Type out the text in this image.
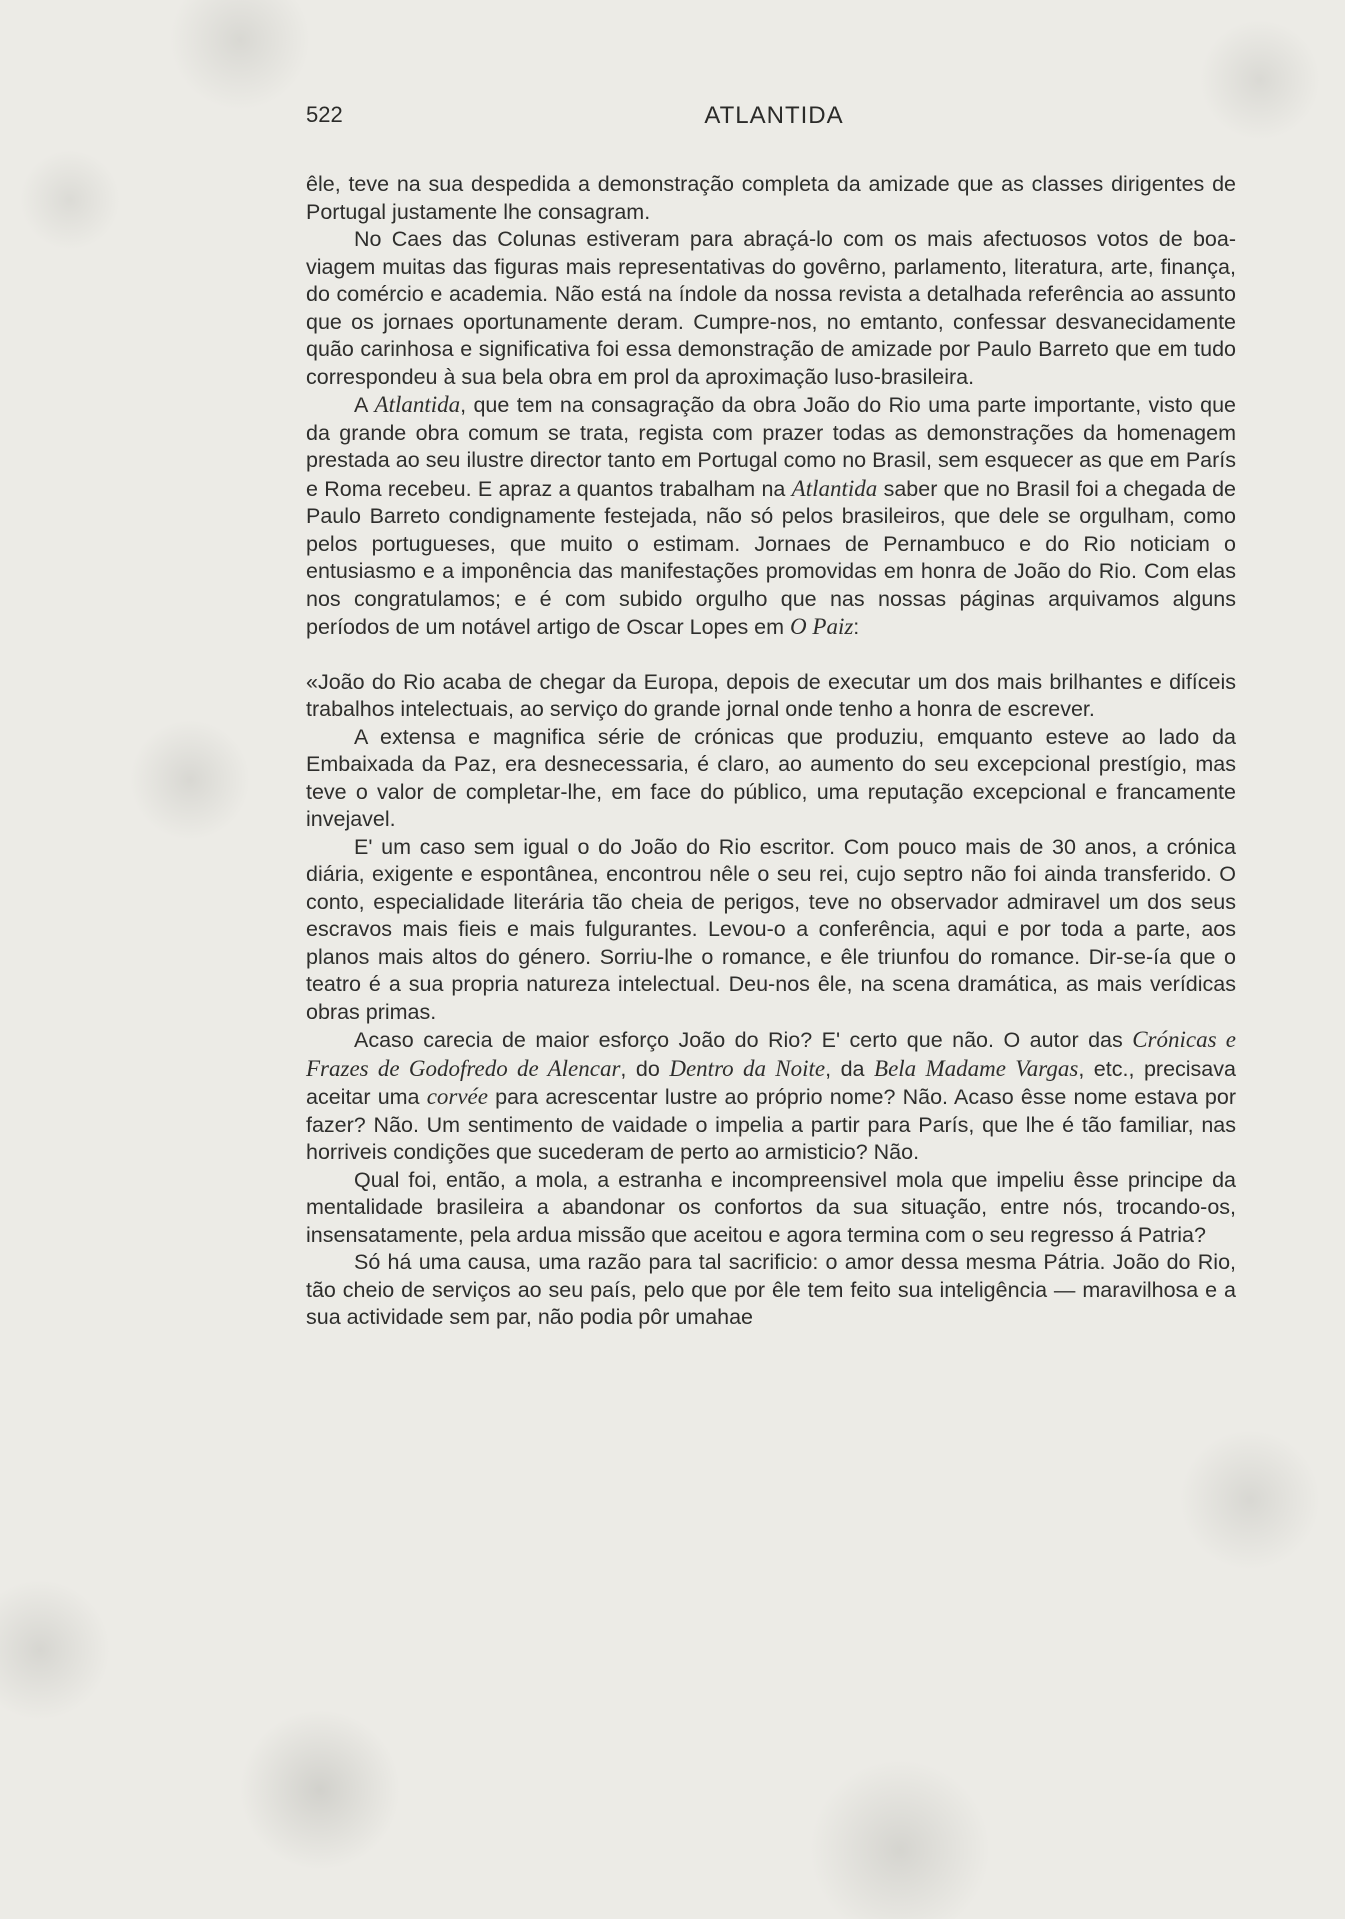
522	ATLANTIDA

êle, teve na sua despedida a demonstração completa da amizade que as classes dirigentes de Portugal justamente lhe consagram.

No Caes das Colunas estiveram para abraçá-lo com os mais afectuosos votos de boa-viagem muitas das figuras mais representativas do govêrno, parlamento, literatura, arte, finança, do comércio e academia. Não está na índole da nossa revista a detalhada referência ao assunto que os jornaes oportunamente deram. Cumpre-nos, no emtanto, confessar desvanecidamente quão carinhosa e significativa foi essa demonstração de amizade por Paulo Barreto que em tudo correspondeu à sua bela obra em prol da aproximação luso-brasileira.

A Atlantida, que tem na consagração da obra João do Rio uma parte importante, visto que da grande obra comum se trata, regista com prazer todas as demonstrações da homenagem prestada ao seu ilustre director tanto em Portugal como no Brasil, sem esquecer as que em París e Roma recebeu. E apraz a quantos trabalham na Atlantida saber que no Brasil foi a chegada de Paulo Barreto condignamente festejada, não só pelos brasileiros, que dele se orgulham, como pelos portugueses, que muito o estimam. Jornaes de Pernambuco e do Rio noticiam o entusiasmo e a imponência das manifestações promovidas em honra de João do Rio. Com elas nos congratulamos; e é com subido orgulho que nas nossas páginas arquivamos alguns períodos de um notável artigo de Oscar Lopes em O Paiz:

«João do Rio acaba de chegar da Europa, depois de executar um dos mais brilhantes e difíceis trabalhos intelectuais, ao serviço do grande jornal onde tenho a honra de escrever.

A extensa e magnifica série de crónicas que produziu, emquanto esteve ao lado da Embaixada da Paz, era desnecessaria, é claro, ao aumento do seu excepcional prestígio, mas teve o valor de completar-lhe, em face do público, uma reputação excepcional e francamente invejavel.

E' um caso sem igual o do João do Rio escritor. Com pouco mais de 30 anos, a crónica diária, exigente e espontânea, encontrou nêle o seu rei, cujo septro não foi ainda transferido. O conto, especialidade literária tão cheia de perigos, teve no observador admiravel um dos seus escravos mais fieis e mais fulgurantes. Levou-o a conferência, aqui e por toda a parte, aos planos mais altos do género. Sorriu-lhe o romance, e êle triunfou do romance. Dir-se-ía que o teatro é a sua propria natureza intelectual. Deu-nos êle, na scena dramática, as mais verídicas obras primas.

Acaso carecia de maior esforço João do Rio? E' certo que não. O autor das Crónicas e Frazes de Godofredo de Alencar, do Dentro da Noite, da Bela Madame Vargas, etc., precisava aceitar uma corvée para acrescentar lustre ao próprio nome? Não. Acaso êsse nome estava por fazer? Não. Um sentimento de vaidade o impelia a partir para París, que lhe é tão familiar, nas horriveis condições que sucederam de perto ao armisticio? Não.

Qual foi, então, a mola, a estranha e incompreensivel mola que impeliu êsse principe da mentalidade brasileira a abandonar os confortos da sua situação, entre nós, trocando-os, insensatamente, pela ardua missão que aceitou e agora termina com o seu regresso á Patria?

Só há uma causa, uma razão para tal sacrificio: o amor dessa mesma Pátria. João do Rio, tão cheio de serviços ao seu país, pelo que por êle tem feito sua inteligência — maravilhosa e a sua actividade sem par, não podia pôr umahae
